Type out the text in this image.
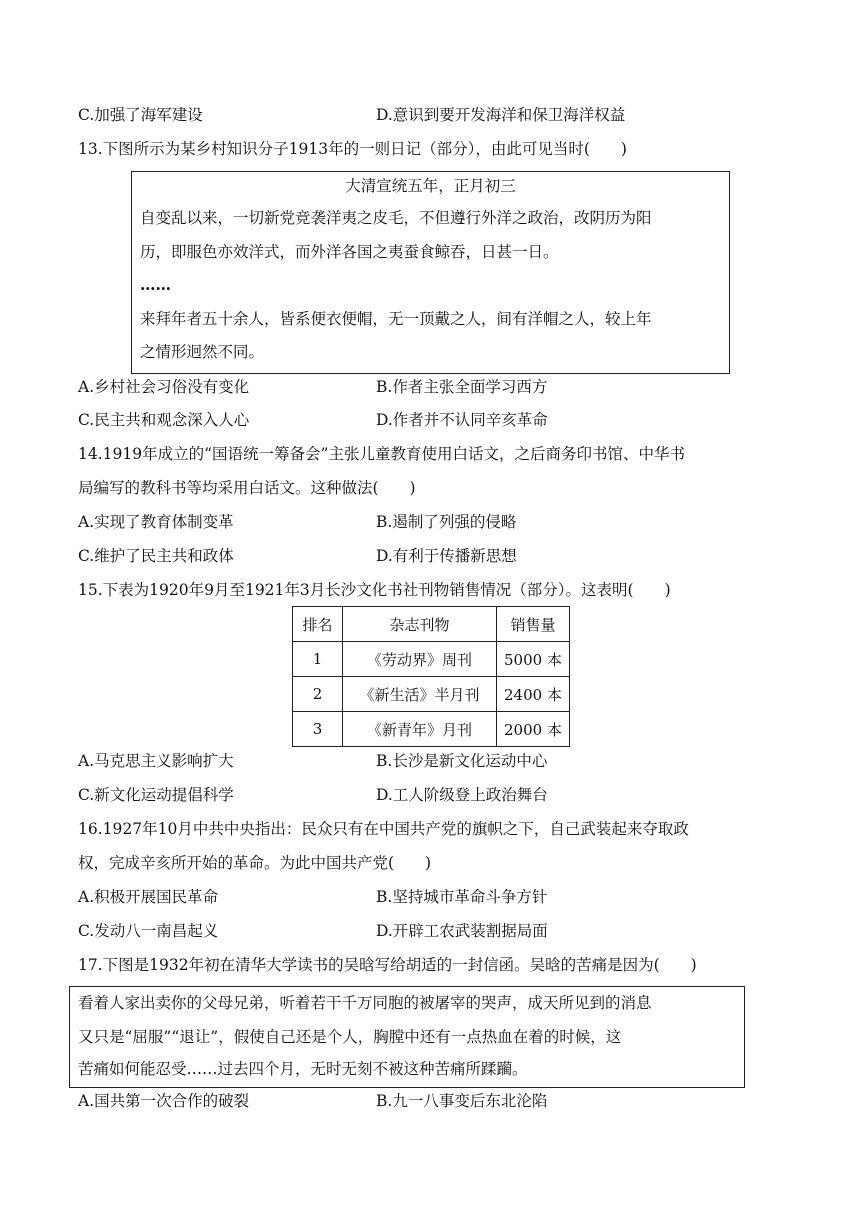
C.加强了海军建设	D.意识到要开发海洋和保卫海洋权益
13.下图所示为某乡村知识分子1913年的一则日记（部分），由此可见当时(　　)
大清宣统五年，正月初三
自变乱以来，一切新党竞袭洋夷之皮毛，不但遵行外洋之政治，改阴历为阳
历，即服色亦效洋式，而外洋各国之夷蚕食鲸吞，日甚一日。
……
来拜年者五十余人，皆系便衣便帽，无一顶戴之人，间有洋帽之人，较上年
之情形迥然不同。
A.乡村社会习俗没有变化	B.作者主张全面学习西方
C.民主共和观念深入人心	D.作者并不认同辛亥革命
14.1919年成立的“国语统一筹备会”主张儿童教育使用白话文，之后商务印书馆、中华书
局编写的教科书等均采用白话文。这种做法(　　)
A.实现了教育体制变革	B.遏制了列强的侵略
C.维护了民主共和政体	D.有利于传播新思想
15.下表为1920年9月至1921年3月长沙文化书社刊物销售情况（部分）。这表明(　　)
排名	杂志刊物	销售量
1	《劳动界》周刊	5000 本
2	《新生活》半月刊	2400 本
3	《新青年》月刊	2000 本
A.马克思主义影响扩大	B.长沙是新文化运动中心
C.新文化运动提倡科学	D.工人阶级登上政治舞台
16.1927年10月中共中央指出：民众只有在中国共产党的旗帜之下，自己武装起来夺取政
权，完成辛亥所开始的革命。为此中国共产党(　　)
A.积极开展国民革命	B.坚持城市革命斗争方针
C.发动八一南昌起义	D.开辟工农武装割据局面
17.下图是1932年初在清华大学读书的吴晗写给胡适的一封信函。吴晗的苦痛是因为(　　)
看着人家出卖你的父母兄弟，听着若干千万同胞的被屠宰的哭声，成天所见到的消息
又只是“屈服”“退让”，假使自己还是个人，胸膛中还有一点热血在着的时候，这
苦痛如何能忍受……过去四个月，无时无刻不被这种苦痛所蹂躏。
A.国共第一次合作的破裂	B.九一八事变后东北沦陷
